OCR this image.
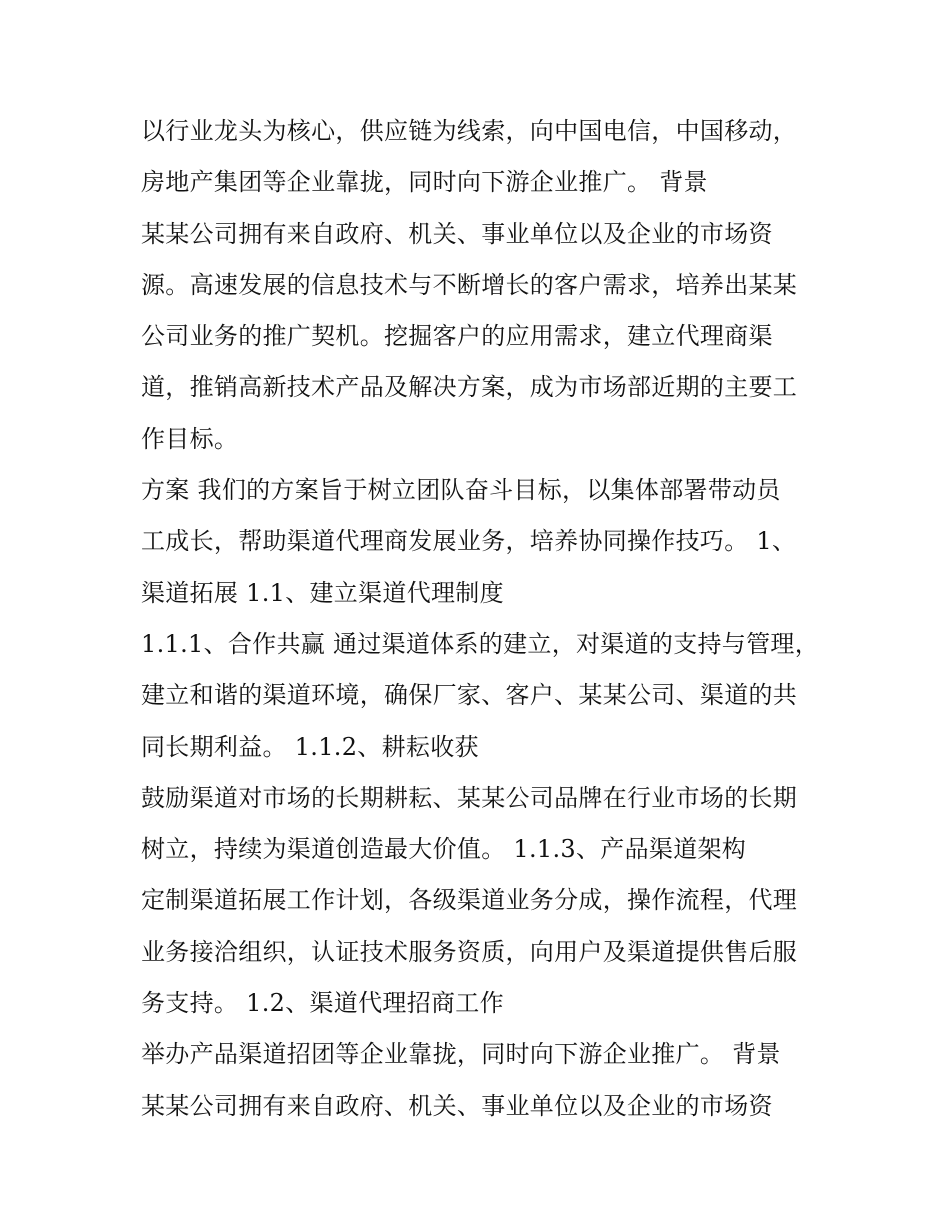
以行业龙头为核心，供应链为线索，向中国电信，中国移动，
房地产集团等企业靠拢，同时向下游企业推广。 背景
某某公司拥有来自政府、机关、事业单位以及企业的市场资
源。高速发展的信息技术与不断增长的客户需求，培养出某某
公司业务的推广契机。挖掘客户的应用需求，建立代理商渠
道，推销高新技术产品及解决方案，成为市场部近期的主要工
作目标。
方案 我们的方案旨于树立团队奋斗目标，以集体部署带动员
工成长，帮助渠道代理商发展业务，培养协同操作技巧。 1、
渠道拓展 1.1、建立渠道代理制度
1.1.1、合作共赢 通过渠道体系的建立，对渠道的支持与管理，
建立和谐的渠道环境，确保厂家、客户、某某公司、渠道的共
同长期利益。 1.1.2、耕耘收获
鼓励渠道对市场的长期耕耘、某某公司品牌在行业市场的长期
树立，持续为渠道创造最大价值。 1.1.3、产品渠道架构
定制渠道拓展工作计划，各级渠道业务分成，操作流程，代理
业务接洽组织，认证技术服务资质，向用户及渠道提供售后服
务支持。 1.2、渠道代理招商工作
举办产品渠道招团等企业靠拢，同时向下游企业推广。 背景
某某公司拥有来自政府、机关、事业单位以及企业的市场资
